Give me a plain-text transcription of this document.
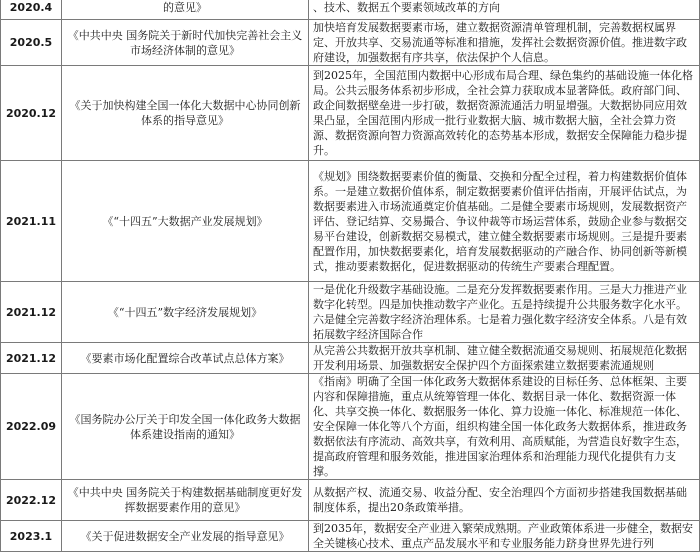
2020.4	的意见》	、技术、数据五个要素领域改革的方向
2020.5	《中共中央 国务院关于新时代加快完善社会主义市场经济体制的意见》	加快培育发展数据要素市场，建立数据资源清单管理机制，完善数据权属界定、开放共享、交易流通等标准和措施，发挥社会数据资源价值。推进数字政府建设，加强数据有序共享，依法保护个人信息。
2020.12	《关于加快构建全国一体化大数据中心协同创新体系的指导意见》	到2025年，全国范围内数据中心形成布局合理、绿色集约的基础设施一体化格局。公共云服务体系初步形成，全社会算力获取成本显著降低。政府部门间、政企间数据壁垒进一步打破，数据资源流通活力明显增强。大数据协同应用效果凸显，全国范围内形成一批行业数据大脑、城市数据大脑，全社会算力资源、数据资源向智力资源高效转化的态势基本形成，数据安全保障能力稳步提升。
2021.11	《“十四五”大数据产业发展规划》	《规划》围绕数据要素价值的衡量、交换和分配全过程，着力构建数据价值体系。一是建立数据价值体系，制定数据要素价值评估指南，开展评估试点，为数据要素进入市场流通奠定价值基础。二是健全要素市场规则，发展数据资产评估、登记结算、交易撮合、争议仲裁等市场运营体系，鼓励企业参与数据交易平台建设，创新数据交易模式，建立健全数据要素市场规则。三是提升要素配置作用，加快数据要素化，培育发展数据驱动的产融合作、协同创新等新模式，推动要素数据化，促进数据驱动的传统生产要素合理配置。
2021.12	《“十四五”数字经济发展规划》	一是优化升级数字基础设施。二是充分发挥数据要素作用。三是大力推进产业数字化转型。四是加快推动数字产业化。五是持续提升公共服务数字化水平。六是健全完善数字经济治理体系。七是着力强化数字经济安全体系。八是有效拓展数字经济国际合作
2021.12	《要素市场化配置综合改革试点总体方案》	从完善公共数据开放共享机制、建立健全数据流通交易规则、拓展规范化数据开发利用场景、加强数据安全保护四个方面探索建立数据要素流通规则
2022.09	《国务院办公厅关于印发全国一体化政务大数据体系建设指南的通知》	《指南》明确了全国一体化政务大数据体系建设的目标任务、总体框架、主要内容和保障措施，重点从统筹管理一体化、数据目录一体化、数据资源一体化、共享交换一体化、数据服务一体化、算力设施一体化、标准规范一体化、安全保障一体化等八个方面，组织构建全国一体化政务大数据体系，推进政务数据依法有序流动、高效共享，有效利用、高质赋能，为营造良好数字生态，提高政府管理和服务效能，推进国家治理体系和治理能力现代化提供有力支撑。
2022.12	《中共中央 国务院关于构建数据基础制度更好发挥数据要素作用的意见》	从数据产权、流通交易、收益分配、安全治理四个方面初步搭建我国数据基础制度体系，提出20条政策举措。
2023.1	《关于促进数据安全产业发展的指导意见》	到2035年，数据安全产业进入繁荣成熟期。产业政策体系进一步健全，数据安全关键核心技术、重点产品发展水平和专业服务能力跻身世界先进行列
